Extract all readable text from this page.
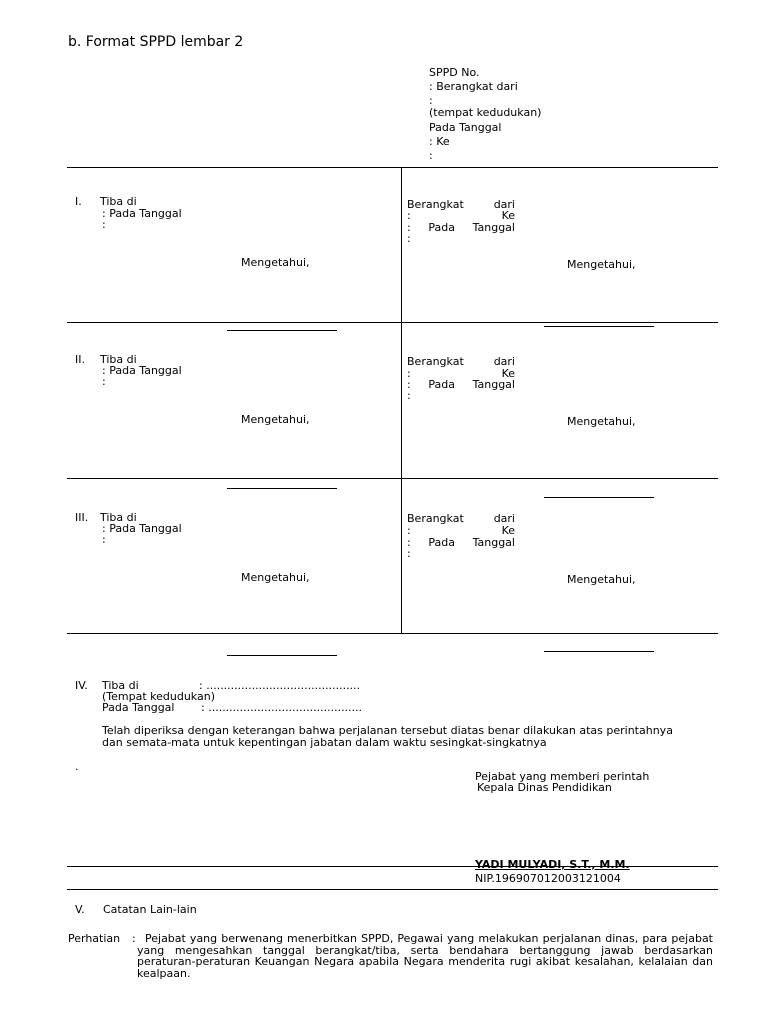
b. Format SPPD lembar 2
SPPD No.
: Berangkat dari
:
(tempat kedudukan)
Pada Tanggal
: Ke
:
I. Tiba di
: Pada Tanggal
:
Mengetahui,
Berangkat	dari
:	Ke
: Pada Tanggal
:
Mengetahui,
II. Tiba di
: Pada Tanggal
:
Mengetahui,
Berangkat	dari
:	Ke
: Pada Tanggal
:
Mengetahui,
III. Tiba di
: Pada Tanggal
:
Mengetahui,
Berangkat	dari
:	Ke
: Pada Tanggal
:
Mengetahui,
IV. Tiba di	: ............................................
(Tempat kedudukan)
Pada Tanggal : ............................................
Telah diperiksa dengan keterangan bahwa perjalanan tersebut diatas benar dilakukan atas perintahnya
dan semata-mata untuk kepentingan jabatan dalam waktu sesingkat-singkatnya
.
Pejabat yang memberi perintah
Kepala Dinas Pendidikan
YADI MULYADI, S.T., M.M.
NIP.196907012003121004
V. Catatan Lain-lain
Perhatian : Pejabat yang berwenang menerbitkan SPPD, Pegawai yang melakukan perjalanan dinas, para pejabat yang mengesahkan tanggal berangkat/tiba, serta bendahara bertanggung jawab berdasarkan peraturan-peraturan Keuangan Negara apabila Negara menderita rugi akibat kesalahan, kelalaian dan kealpaan.
